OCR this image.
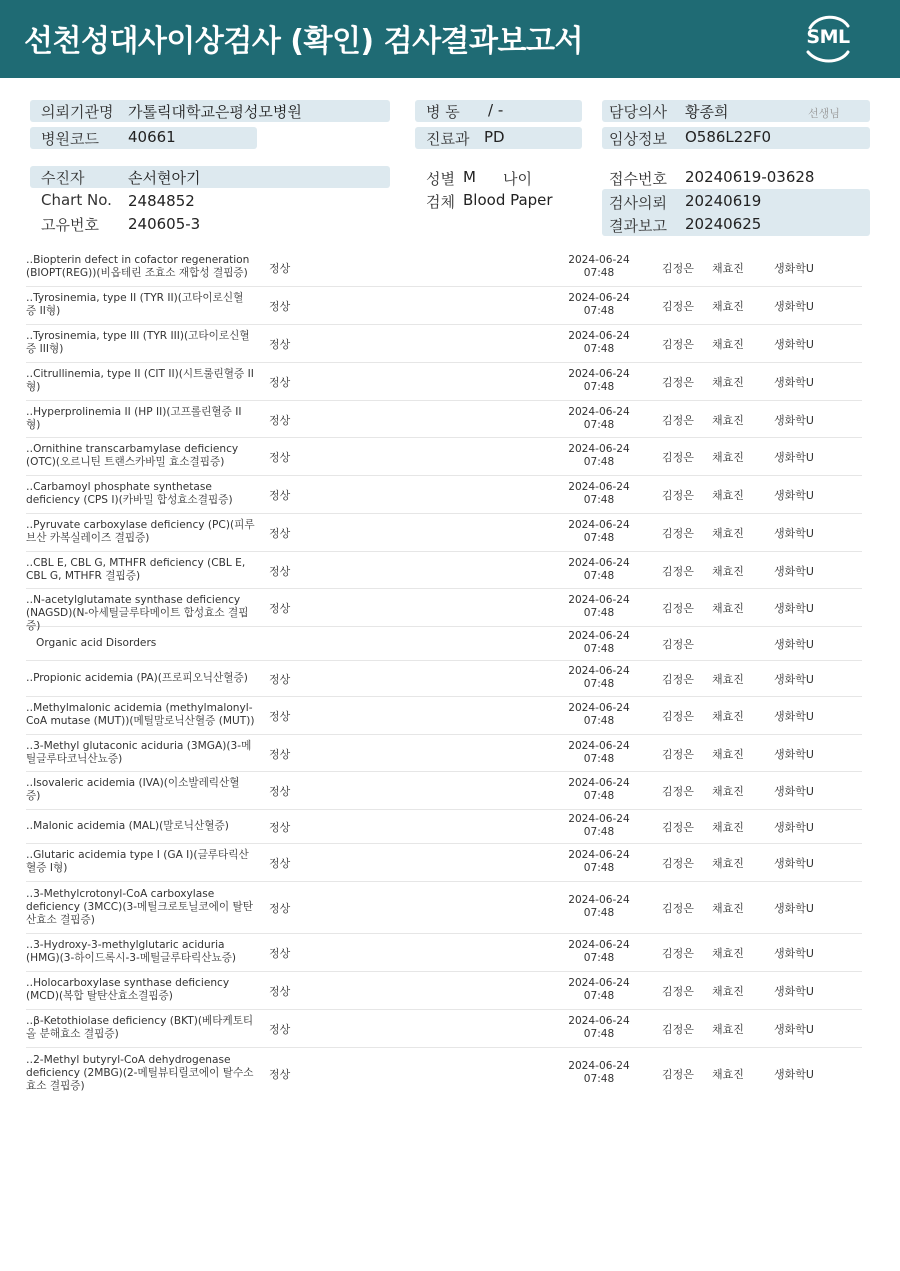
선천성대사이상검사 (확인) 검사결과보고서	SML
의뢰기관명 가톨릭대학교은평성모병원
병원코드 40661
병 동 / -
진료과 PD
담당의사 황종희	선생님
임상정보 O586L22F0
수진자	손서현아기
Chart No. 2484852
고유번호 240605-3
성별 M 나이
검체 Blood Paper
접수번호 20240619-03628
검사의뢰 20240619
결과보고 20240625
‥Biopterin defect in cofactor regeneration (BIOPT(REG))(비옵테린 조효소 재합성 결핍증)	정상
2024-06-24
07:48	김정은 채효진	생화학U
‥Tyrosinemia, type II (TYR II)(고타이로신혈증 II형)	정상
2024-06-24
07:48	김정은 채효진	생화학U
‥Tyrosinemia, type III (TYR III)(고타이로신혈증 III형)	정상
2024-06-24
07:48	김정은 채효진	생화학U
‥Citrullinemia, type II (CIT II)(시트룰린혈증 II형)	정상
2024-06-24
07:48	김정은 채효진	생화학U
‥Hyperprolinemia II (HP II)(고프롤린혈증 II형)	정상
2024-06-24
07:48	김정은 채효진	생화학U
‥Ornithine transcarbamylase deficiency (OTC)(오르니틴 트랜스카바밀 효소결핍증)	정상
2024-06-24
07:48	김정은 채효진	생화학U
‥Carbamoyl phosphate synthetase deficiency (CPS I)(카바밀 합성효소결핍증)	정상
2024-06-24
07:48	김정은 채효진	생화학U
‥Pyruvate carboxylase deficiency (PC)(피루브산 카복실레이즈 결핍증)	정상
2024-06-24
07:48	김정은 채효진	생화학U
‥CBL E, CBL G, MTHFR deficiency (CBL E, CBL G, MTHFR 결핍증)	정상
2024-06-24
07:48	김정은 채효진	생화학U
‥N-acetylglutamate synthase deficiency (NAGSD)(N-아세틸글루타메이트 합성효소 결핍증)
정상
2024-06-24
07:48	김정은 채효진	생화학U
Organic acid Disorders
2024-06-24
07:48	김정은	생화학U
‥Propionic acidemia (PA)(프로피오닉산혈증)	정상
2024-06-24
07:48	김정은 채효진	생화학U
‥Methylmalonic acidemia (methylmalonyl-CoA mutase (MUT))(메틸말로닉산혈증 (MUT))	정상
2024-06-24
07:48	김정은 채효진	생화학U
‥3-Methyl glutaconic aciduria (3MGA)(3-메틸글루타코닉산뇨증)	정상
2024-06-24
07:48	김정은 채효진	생화학U
‥Isovaleric acidemia (IVA)(이소발레릭산혈증)	정상
2024-06-24
07:48	김정은 채효진	생화학U
‥Malonic acidemia (MAL)(말로닉산혈증)	정상
2024-06-24
07:48	김정은 채효진	생화학U
‥Glutaric acidemia type I (GA I)(글루타릭산혈증 I형)	정상
2024-06-24
07:48	김정은 채효진	생화학U
‥3-Methylcrotonyl-CoA carboxylase deficiency (3MCC)(3-메틸크로토닐코에이 탈탄산효소 결핍증)
정상
2024-06-24
07:48	김정은 채효진	생화학U
‥3-Hydroxy-3-methylglutaric aciduria (HMG)(3-하이드록시-3-메틸글루타릭산뇨증)	정상
2024-06-24
07:48	김정은 채효진	생화학U
‥Holocarboxylase synthase deficiency (MCD)(복합 탈탄산효소결핍증)	정상
2024-06-24
07:48	김정은 채효진	생화학U
‥β-Ketothiolase deficiency (BKT)(베타케토티올 분해효소 결핍증)	정상
2024-06-24
07:48	김정은 채효진	생화학U
‥2-Methyl butyryl-CoA dehydrogenase deficiency (2MBG)(2-메틸뷰티릴코에이 탈수소효소 결핍증)
정상
2024-06-24
07:48	김정은 채효진	생화학U
